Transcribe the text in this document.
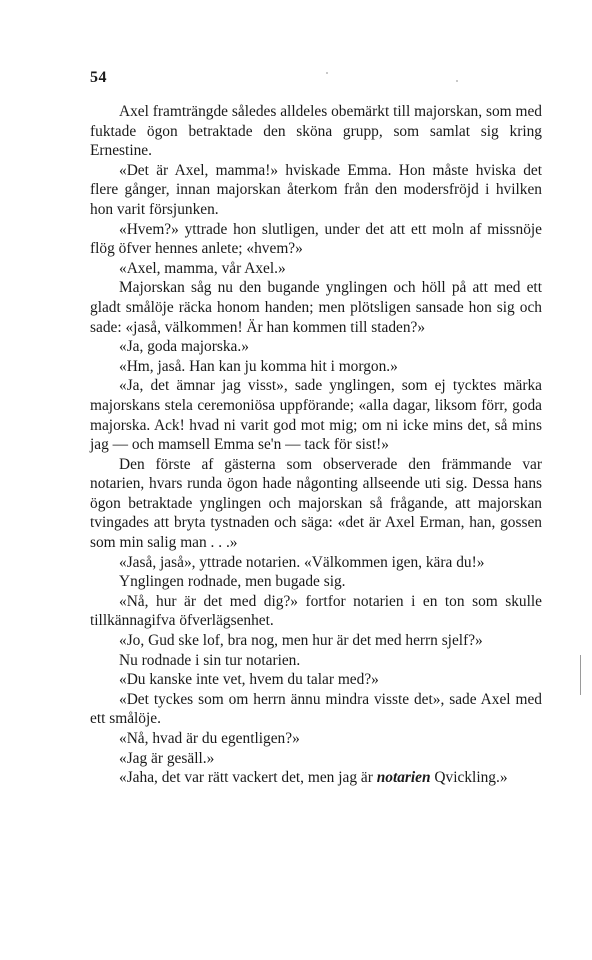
54

Axel framträngde således alldeles obemärkt till majorskan, som med fuktade ögon betraktade den sköna grupp, som samlat sig kring Ernestine.

«Det är Axel, mamma!» hviskade Emma. Hon måste hviska det flere gånger, innan majorskan återkom från den modersfröjd i hvilken hon varit försjunken.

«Hvem?» yttrade hon slutligen, under det att ett moln af missnöje flög öfver hennes anlete; «hvem?»

«Axel, mamma, vår Axel.»

Majorskan såg nu den bugande ynglingen och höll på att med ett gladt smålöje räcka honom handen; men plötsligen sansade hon sig och sade: «jaså, välkommen! Är han kommen till staden?»

«Ja, goda majorska.»

«Hm, jaså. Han kan ju komma hit i morgon.»

«Ja, det ämnar jag visst», sade ynglingen, som ej tycktes märka majorskans stela ceremoniösa uppförande; «alla dagar, liksom förr, goda majorska. Ack! hvad ni varit god mot mig; om ni icke mins det, så mins jag — och mamsell Emma se'n — tack för sist!»

Den förste af gästerna som observerade den främmande var notarien, hvars runda ögon hade någonting allseende uti sig. Dessa hans ögon betraktade ynglingen och majorskan så frågande, att majorskan tvingades att bryta tystnaden och säga: «det är Axel Erman, han, gossen som min salig man . . .»

«Jaså, jaså», yttrade notarien. «Välkommen igen, kära du!»

Ynglingen rodnade, men bugade sig.

«Nå, hur är det med dig?» fortfor notarien i en ton som skulle tillkännagifva öfverlägsenhet.

«Jo, Gud ske lof, bra nog, men hur är det med herrn sjelf?»

Nu rodnade i sin tur notarien.

«Du kanske inte vet, hvem du talar med?»

«Det tyckes som om herrn ännu mindra visste det», sade Axel med ett smålöje.

«Nå, hvad är du egentligen?»

«Jag är gesäll.»

«Jaha, det var rätt vackert det, men jag är notarien Qvickling.»
